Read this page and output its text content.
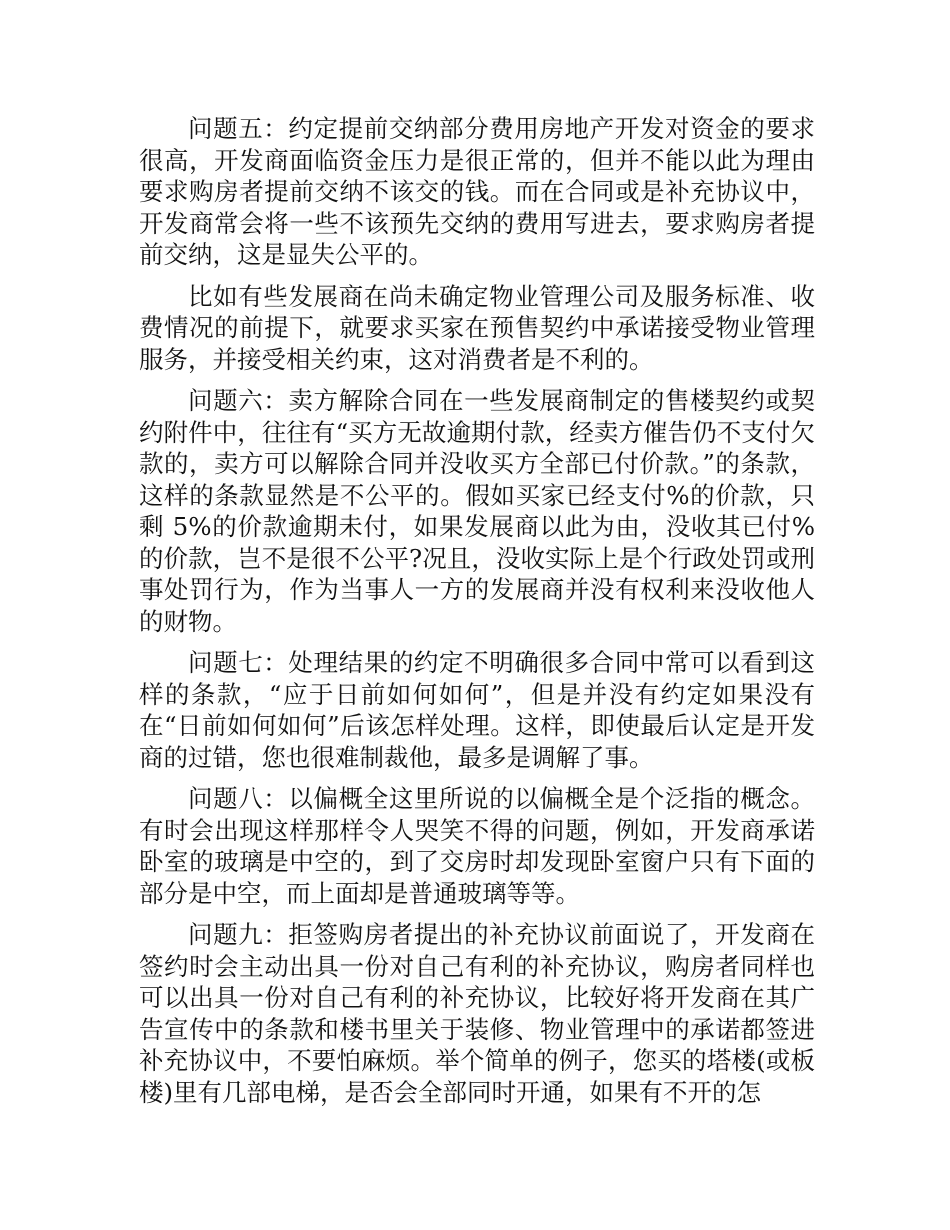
问题五：约定提前交纳部分费用房地产开发对资金的要求很高，开发商面临资金压力是很正常的，但并不能以此为理由要求购房者提前交纳不该交的钱。而在合同或是补充协议中，开发商常会将一些不该预先交纳的费用写进去，要求购房者提前交纳，这是显失公平的。

比如有些发展商在尚未确定物业管理公司及服务标准、收费情况的前提下，就要求买家在预售契约中承诺接受物业管理服务，并接受相关约束，这对消费者是不利的。

问题六：卖方解除合同在一些发展商制定的售楼契约或契约附件中，往往有“买方无故逾期付款，经卖方催告仍不支付欠款的，卖方可以解除合同并没收买方全部已付价款。”的条款，这样的条款显然是不公平的。假如买家已经支付%的价款，只剩 5%的价款逾期未付，如果发展商以此为由，没收其已付%的价款，岂不是很不公平?况且，没收实际上是个行政处罚或刑事处罚行为，作为当事人一方的发展商并没有权利来没收他人的财物。

问题七：处理结果的约定不明确很多合同中常可以看到这样的条款，“应于日前如何如何”，但是并没有约定如果没有在“日前如何如何”后该怎样处理。这样，即使最后认定是开发商的过错，您也很难制裁他，最多是调解了事。

问题八：以偏概全这里所说的以偏概全是个泛指的概念。有时会出现这样那样令人哭笑不得的问题，例如，开发商承诺卧室的玻璃是中空的，到了交房时却发现卧室窗户只有下面的部分是中空，而上面却是普通玻璃等等。

问题九：拒签购房者提出的补充协议前面说了，开发商在签约时会主动出具一份对自己有利的补充协议，购房者同样也可以出具一份对自己有利的补充协议，比较好将开发商在其广告宣传中的条款和楼书里关于装修、物业管理中的承诺都签进补充协议中，不要怕麻烦。举个简单的例子，您买的塔楼(或板楼)里有几部电梯，是否会全部同时开通，如果有不开的怎
